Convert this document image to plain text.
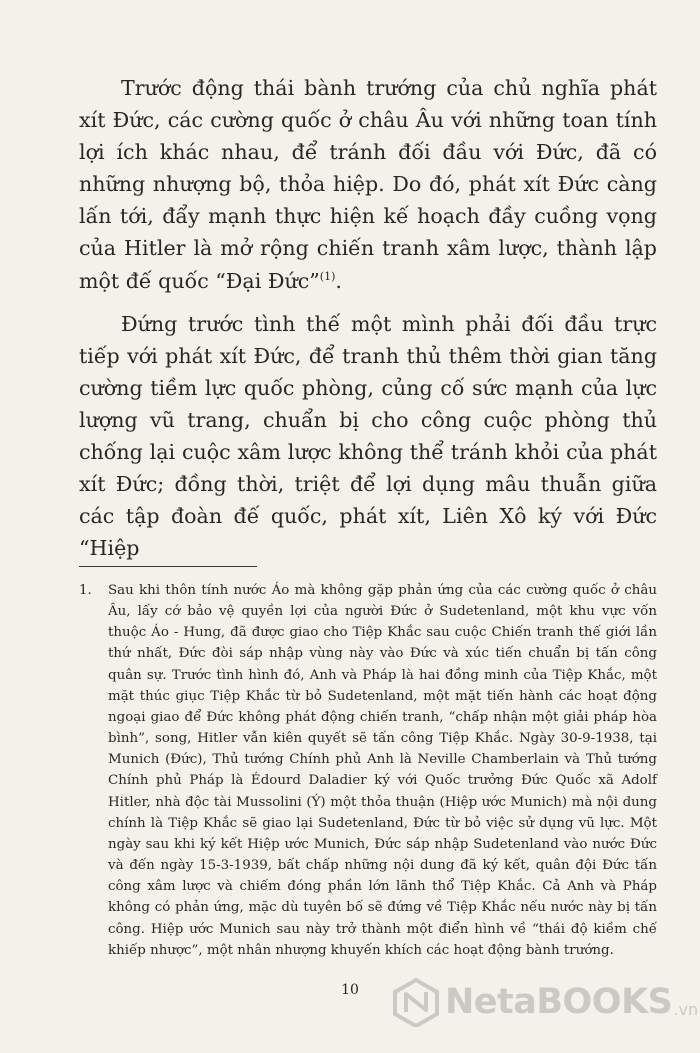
Trước động thái bành trướng của chủ nghĩa phát xít Đức, các cường quốc ở châu Âu với những toan tính lợi ích khác nhau, để tránh đối đầu với Đức, đã có những nhượng bộ, thỏa hiệp. Do đó, phát xít Đức càng lấn tới, đẩy mạnh thực hiện kế hoạch đầy cuồng vọng của Hitler là mở rộng chiến tranh xâm lược, thành lập một đế quốc “Đại Đức”$^{(1)}$.

Đứng trước tình thế một mình phải đối đầu trực tiếp với phát xít Đức, để tranh thủ thêm thời gian tăng cường tiềm lực quốc phòng, củng cố sức mạnh của lực lượng vũ trang, chuẩn bị cho công cuộc phòng thủ chống lại cuộc xâm lược không thể tránh khỏi của phát xít Đức; đồng thời, triệt để lợi dụng mâu thuẫn giữa các tập đoàn đế quốc, phát xít, Liên Xô ký với Đức “Hiệp

1.	Sau khi thôn tính nước Áo mà không gặp phản ứng của các cường quốc ở châu Âu, lấy cớ bảo vệ quyền lợi của người Đức ở Sudetenland, một khu vực vốn thuộc Áo - Hung, đã được giao cho Tiệp Khắc sau cuộc Chiến tranh thế giới lần thứ nhất, Đức đòi sáp nhập vùng này vào Đức và xúc tiến chuẩn bị tấn công quân sự. Trước tình hình đó, Anh và Pháp là hai đồng minh của Tiệp Khắc, một mặt thúc giục Tiệp Khắc từ bỏ Sudetenland, một mặt tiến hành các hoạt động ngoại giao để Đức không phát động chiến tranh, “chấp nhận một giải pháp hòa bình”, song, Hitler vẫn kiên quyết sẽ tấn công Tiệp Khắc. Ngày 30-9-1938, tại Munich (Đức), Thủ tướng Chính phủ Anh là Neville Chamberlain và Thủ tướng Chính phủ Pháp là Édourd Daladier ký với Quốc trưởng Đức Quốc xã Adolf Hitler, nhà độc tài Mussolini (Ý) một thỏa thuận (Hiệp ước Munich) mà nội dung chính là Tiệp Khắc sẽ giao lại Sudetenland, Đức từ bỏ việc sử dụng vũ lực. Một ngày sau khi ký kết Hiệp ước Munich, Đức sáp nhập Sudetenland vào nước Đức và đến ngày 15-3-1939, bất chấp những nội dung đã ký kết, quân đội Đức tấn công xâm lược và chiếm đóng phần lớn lãnh thổ Tiệp Khắc. Cả Anh và Pháp không có phản ứng, mặc dù tuyên bố sẽ đứng về Tiệp Khắc nếu nước này bị tấn công. Hiệp ước Munich sau này trở thành một điển hình về “thái độ kiềm chế khiếp nhược”, một nhân nhượng khuyến khích các hoạt động bành trướng.

10	NetaBOOKS .vn
